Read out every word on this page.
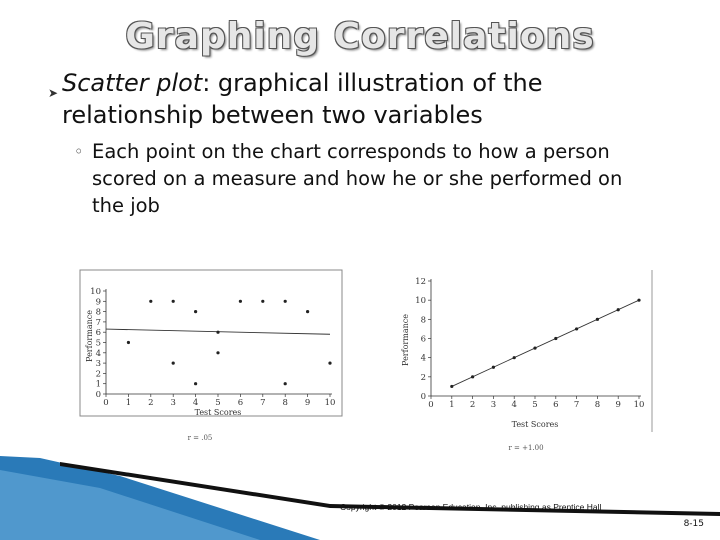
Graphing Correlations
➤ Scatter plot: graphical illustration of the relationship between two variables
◦ Each point on the chart corresponds to how a person scored on a measure and how he or she performed on the job
0 1 2 3 4 5 6 7 8 9 10
0
1
2
3
4
5
6
7
8
9
10
Test Scores
Performance
r = .05
0 1 2 3 4 5 6 7 8 9 10
0
2
4
6
8
10
12
Test Scores
Performance
r = +1.00
Copyright © 2012 Pearson Education, Inc. publishing as Prentice Hall
8-15
